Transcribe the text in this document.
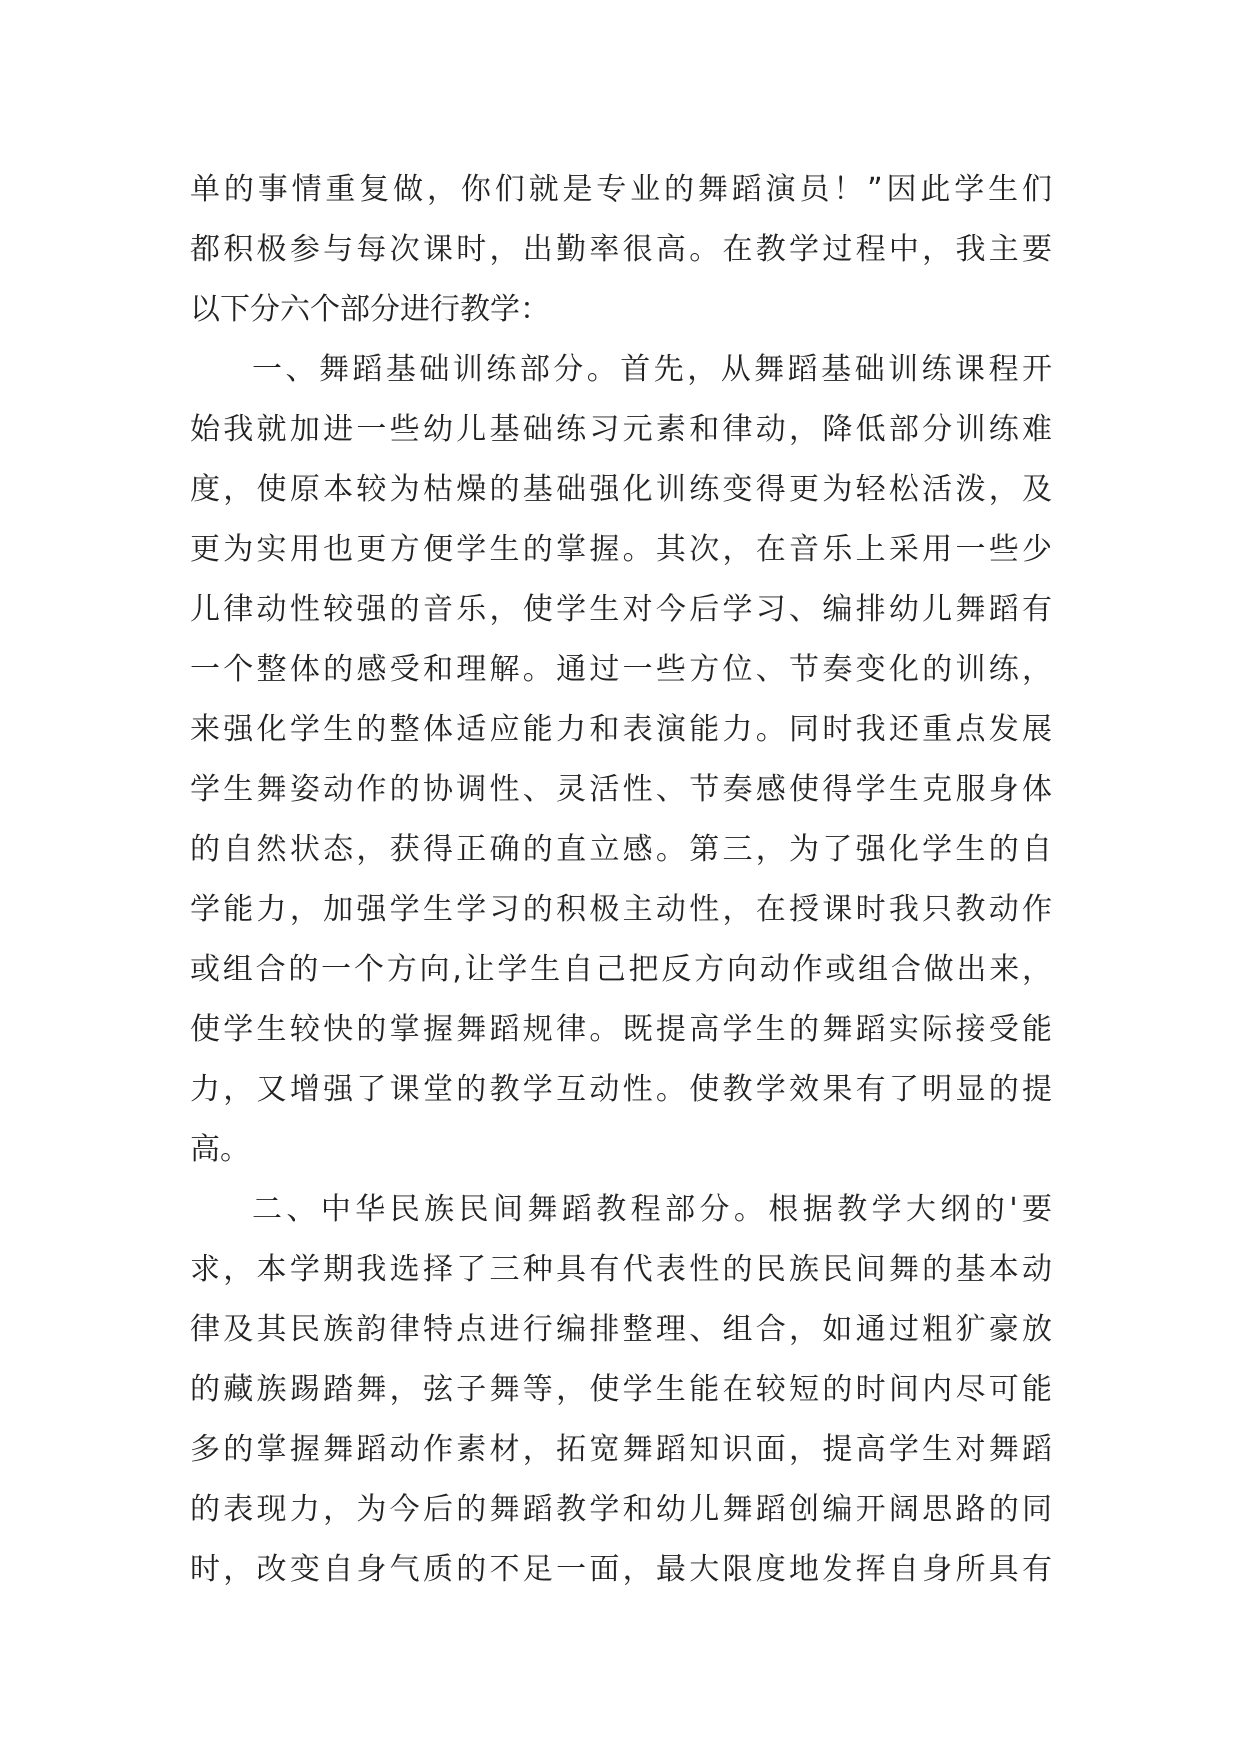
单的事情重复做，你们就是专业的舞蹈演员！”因此学生们
都积极参与每次课时，出勤率很高。在教学过程中，我主要
以下分六个部分进行教学：
一、舞蹈基础训练部分。首先，从舞蹈基础训练课程开
始我就加进一些幼儿基础练习元素和律动，降低部分训练难
度，使原本较为枯燥的基础强化训练变得更为轻松活泼，及
更为实用也更方便学生的掌握。其次，在音乐上采用一些少
儿律动性较强的音乐，使学生对今后学习、编排幼儿舞蹈有
一个整体的感受和理解。通过一些方位、节奏变化的训练，
来强化学生的整体适应能力和表演能力。同时我还重点发展
学生舞姿动作的协调性、灵活性、节奏感使得学生克服身体
的自然状态，获得正确的直立感。第三，为了强化学生的自
学能力，加强学生学习的积极主动性，在授课时我只教动作
或组合的一个方向,让学生自己把反方向动作或组合做出来，
使学生较快的掌握舞蹈规律。既提高学生的舞蹈实际接受能
力，又增强了课堂的教学互动性。使教学效果有了明显的提
高。
二、中华民族民间舞蹈教程部分。根据教学大纲的'要
求，本学期我选择了三种具有代表性的民族民间舞的基本动
律及其民族韵律特点进行编排整理、组合，如通过粗犷豪放
的藏族踢踏舞，弦子舞等，使学生能在较短的时间内尽可能
多的掌握舞蹈动作素材，拓宽舞蹈知识面，提高学生对舞蹈
的表现力，为今后的舞蹈教学和幼儿舞蹈创编开阔思路的同
时，改变自身气质的不足一面，最大限度地发挥自身所具有
